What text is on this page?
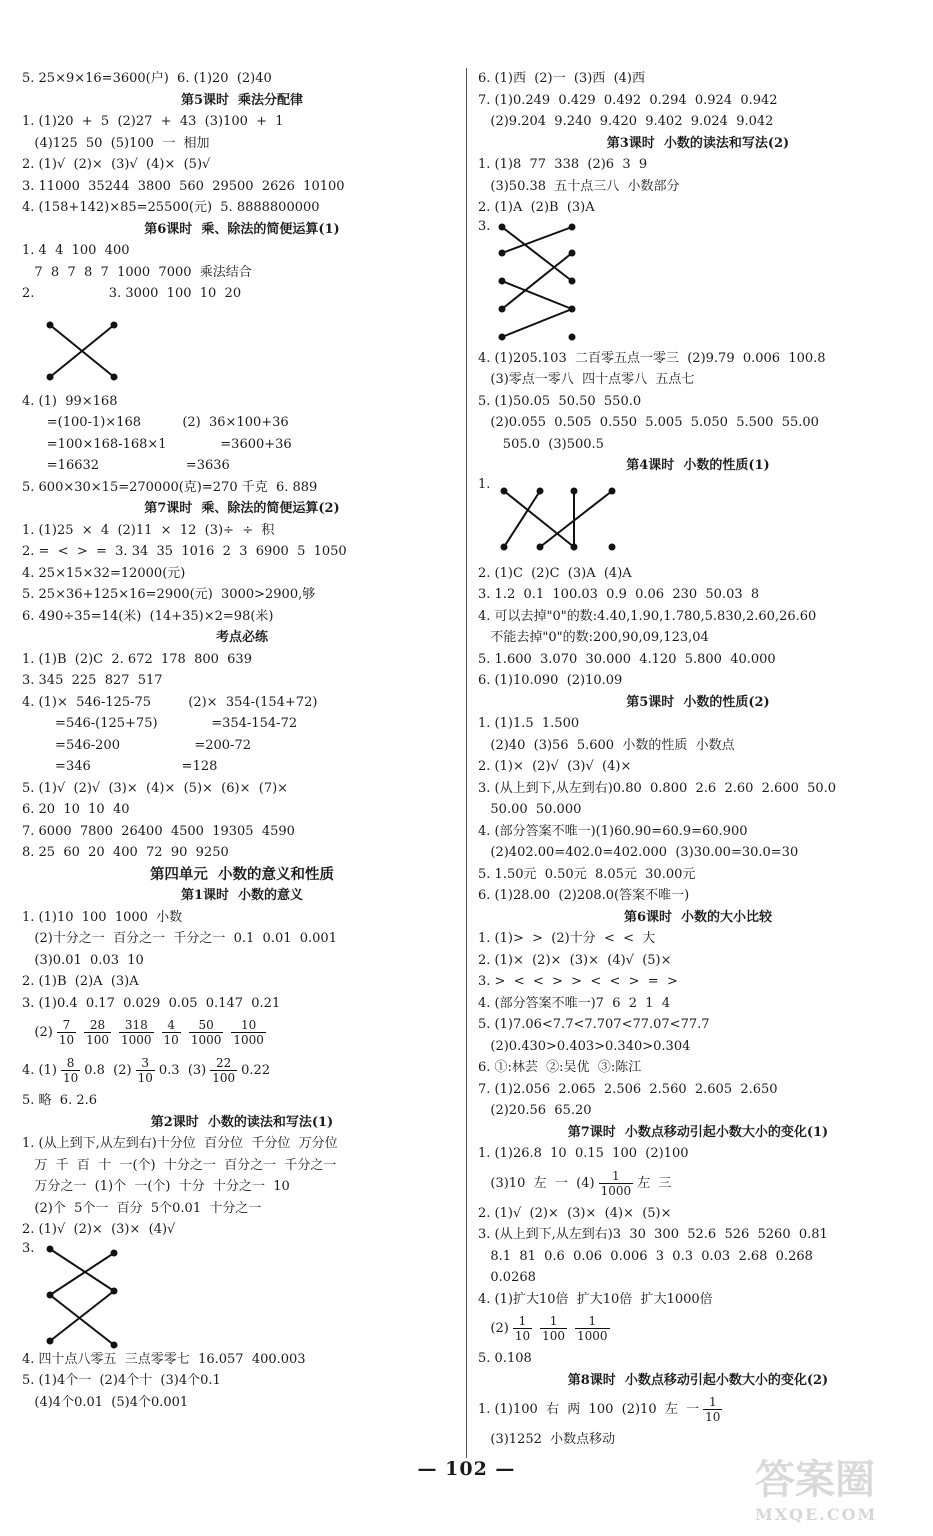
5. 25×9×16=3600(户)  6. (1)20  (2)40
第5课时  乘法分配律
1. (1)20  +  5  (2)27  +  43  (3)100  +  1
(4)125  50  (5)100  一  相加
2. (1)√  (2)×  (3)√  (4)×  (5)√
3. 11000  35244  3800  560  29500  2626  10100
4. (158+142)×85=25500(元)  5. 8888800000
第6课时  乘、除法的简便运算(1)
1. 4  4  100  400
7  8  7  8  7  1000  7000  乘法结合
2.                  3. 3000  100  10  20
4. (1)  99×168
=(100-1)×168          (2)  36×100+36
=100×168-168×1             =3600+36
=16632                     =3636
5. 600×30×15=270000(克)=270 千克  6. 889
第7课时  乘、除法的简便运算(2)
1. (1)25  ×  4  (2)11  ×  12  (3)÷  ÷  积
2. =  <  >  =  3. 34  35  1016  2  3  6900  5  1050
4. 25×15×32=12000(元)
5. 25×36+125×16=2900(元)  3000>2900,够
6. 490÷35=14(米)  (14+35)×2=98(米)
考点必练
1. (1)B  (2)C  2. 672  178  800  639
3. 345  225  827  517
4. (1)×  546-125-75         (2)×  354-(154+72)
=546-(125+75)             =354-154-72
=546-200                  =200-72
=346                      =128
5. (1)√  (2)√  (3)×  (4)×  (5)×  (6)×  (7)×
6. 20  10  10  40
7. 6000  7800  26400  4500  19305  4590
8. 25  60  20  400  72  90  9250
第四单元  小数的意义和性质
第1课时  小数的意义
1. (1)10  100  1000  小数
(2)十分之一  百分之一  千分之一  0.1  0.01  0.001
(3)0.01  0.03  10
2. (1)B  (2)A  (3)A
3. (1)0.4  0.17  0.029  0.05  0.147  0.21
$(2) \frac{7}{10} \frac{28}{100} \frac{318}{1000} \frac{4}{10} \frac{50}{1000} \frac{10}{1000}$
4. $(1) \frac{8}{10} 0.8$  $(2) \frac{3}{10} 0.3$  $(3) \frac{22}{100} 0.22$
5. 略  6. 2.6
第2课时  小数的读法和写法(1)
1. (从上到下,从左到右)十分位  百分位  千分位  万分位
万  千  百  十  一(个)  十分之一  百分之一  千分之一
万分之一  (1)个  一(个)  十分  十分之一  10
(2)个  5个一  百分  5个0.01  十分之一
2. (1)√  (2)×  (3)×  (4)√
3.
4. 四十点八零五  三点零零七  16.057  400.003
5. (1)4个一  (2)4个十  (3)4个0.1
(4)4个0.01  (5)4个0.001
6. (1)西  (2)一  (3)西  (4)西
7. (1)0.249  0.429  0.492  0.294  0.924  0.942
(2)9.204  9.240  9.420  9.402  9.024  9.042
第3课时  小数的读法和写法(2)
1. (1)8  77  338  (2)6  3  9
(3)50.38  五十点三八  小数部分
2. (1)A  (2)B  (3)A
3.
4. (1)205.103  二百零五点一零三  (2)9.79  0.006  100.8
(3)零点一零八  四十点零八  五点七
5. (1)50.05  50.50  550.0
(2)0.055  0.505  0.550  5.005  5.050  5.500  55.00
505.0  (3)500.5
第4课时  小数的性质(1)
1.
2. (1)C  (2)C  (3)A  (4)A
3. 1.2  0.1  100.03  0.9  0.06  230  50.03  8
4. 可以去掉"0"的数:4.40,1.90,1.780,5.830,2.60,26.60
不能去掉"0"的数:200,90,09,123,04
5. 1.600  3.070  30.000  4.120  5.800  40.000
6. (1)10.090  (2)10.09
第5课时  小数的性质(2)
1. (1)1.5  1.500
(2)40  (3)56  5.600  小数的性质  小数点
2. (1)×  (2)√  (3)√  (4)×
3. (从上到下,从左到右)0.80  0.800  2.6  2.60  2.600  50.0
50.00  50.000
4. (部分答案不唯一)(1)60.90=60.9=60.900
(2)402.00=402.0=402.000  (3)30.00=30.0=30
5. 1.50元  0.50元  8.05元  30.00元
6. (1)28.00  (2)208.0(答案不唯一)
第6课时  小数的大小比较
1. (1)>  >  (2)十分  <  <  大
2. (1)×  (2)×  (3)×  (4)√  (5)×
3. >  <  <  >  >  <  <  >  =  >
4. (部分答案不唯一)7  6  2  1  4
5. (1)7.06<7.7<7.707<77.07<77.7
(2)0.430>0.403>0.340>0.304
6. ①:林芸  ②:吴优  ③:陈江
7. (1)2.056  2.065  2.506  2.560  2.605  2.650
(2)20.56  65.20
第7课时  小数点移动引起小数大小的变化(1)
1. (1)26.8  10  0.15  100  (2)100
(3)10  左  一  $(4) \frac{1}{1000}$ 左  三
2. (1)√  (2)×  (3)×  (4)×  (5)×
3. (从上到下,从左到右)3  30  300  52.6  526  5260  0.81
8.1  81  0.6  0.06  0.006  3  0.3  0.03  2.68  0.268
0.0268
4. (1)扩大10倍  扩大10倍  扩大1000倍
$(2) \frac{1}{10} \frac{1}{100} \frac{1}{1000}$
5. 0.108
第8课时  小数点移动引起小数大小的变化(2)
1. (1)100  右  两  100  (2)10  左  一 $\frac{1}{10}$
(3)1252  小数点移动
— 102 —	答案圈
MXQE.COM
